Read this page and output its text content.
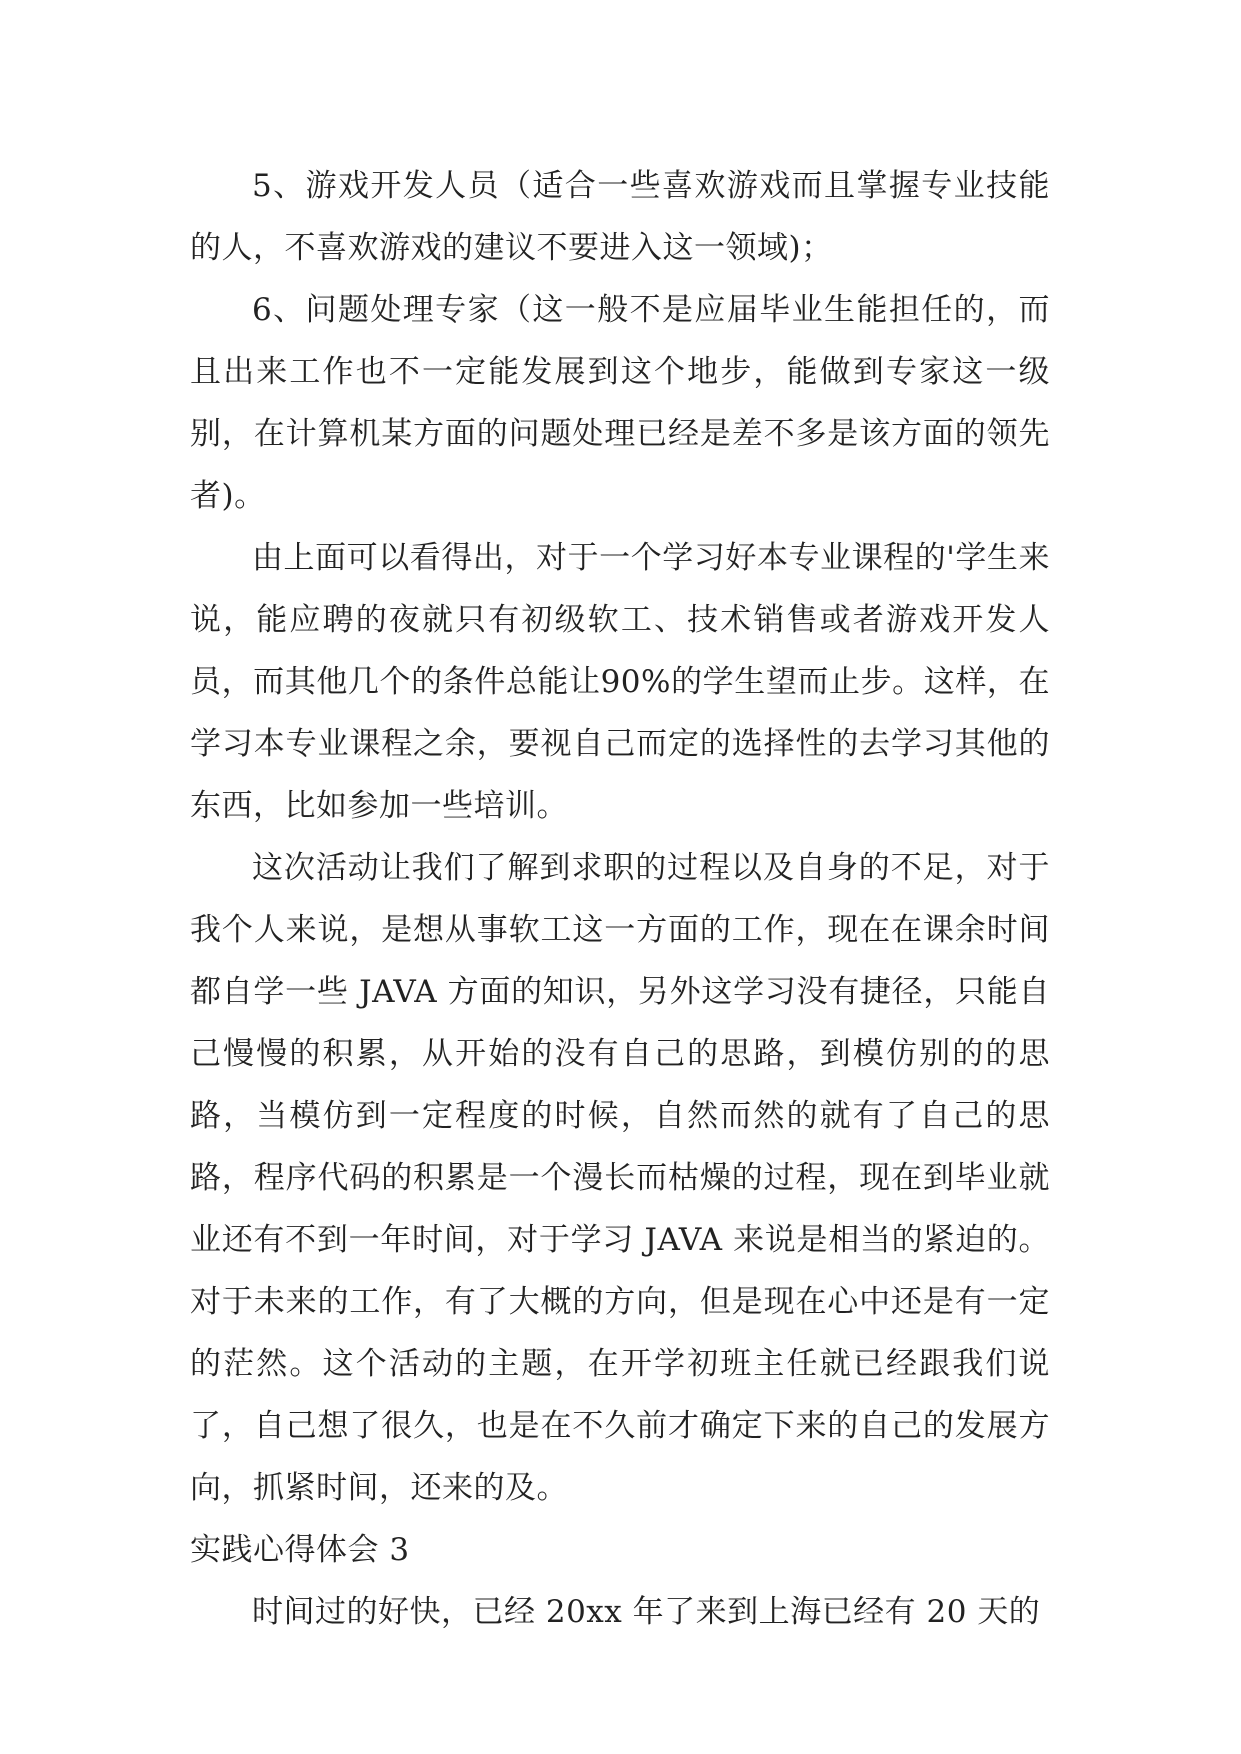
5、游戏开发人员（适合一些喜欢游戏而且掌握专业技能的人，不喜欢游戏的建议不要进入这一领域)；

6、问题处理专家（这一般不是应届毕业生能担任的，而且出来工作也不一定能发展到这个地步，能做到专家这一级别，在计算机某方面的问题处理已经是差不多是该方面的领先者)。

由上面可以看得出，对于一个学习好本专业课程的'学生来说，能应聘的夜就只有初级软工、技术销售或者游戏开发人员，而其他几个的条件总能让90%的学生望而止步。这样，在学习本专业课程之余，要视自己而定的选择性的去学习其他的东西，比如参加一些培训。

这次活动让我们了解到求职的过程以及自身的不足，对于我个人来说，是想从事软工这一方面的工作，现在在课余时间都自学一些 JAVA 方面的知识，另外这学习没有捷径，只能自己慢慢的积累，从开始的没有自己的思路，到模仿别的的思路，当模仿到一定程度的时候，自然而然的就有了自己的思路，程序代码的积累是一个漫长而枯燥的过程，现在到毕业就业还有不到一年时间，对于学习 JAVA 来说是相当的紧迫的。对于未来的工作，有了大概的方向，但是现在心中还是有一定的茫然。这个活动的主题，在开学初班主任就已经跟我们说了，自己想了很久，也是在不久前才确定下来的自己的发展方向，抓紧时间，还来的及。

实践心得体会 3

时间过的好快，已经 20xx 年了来到上海已经有 20 天的
